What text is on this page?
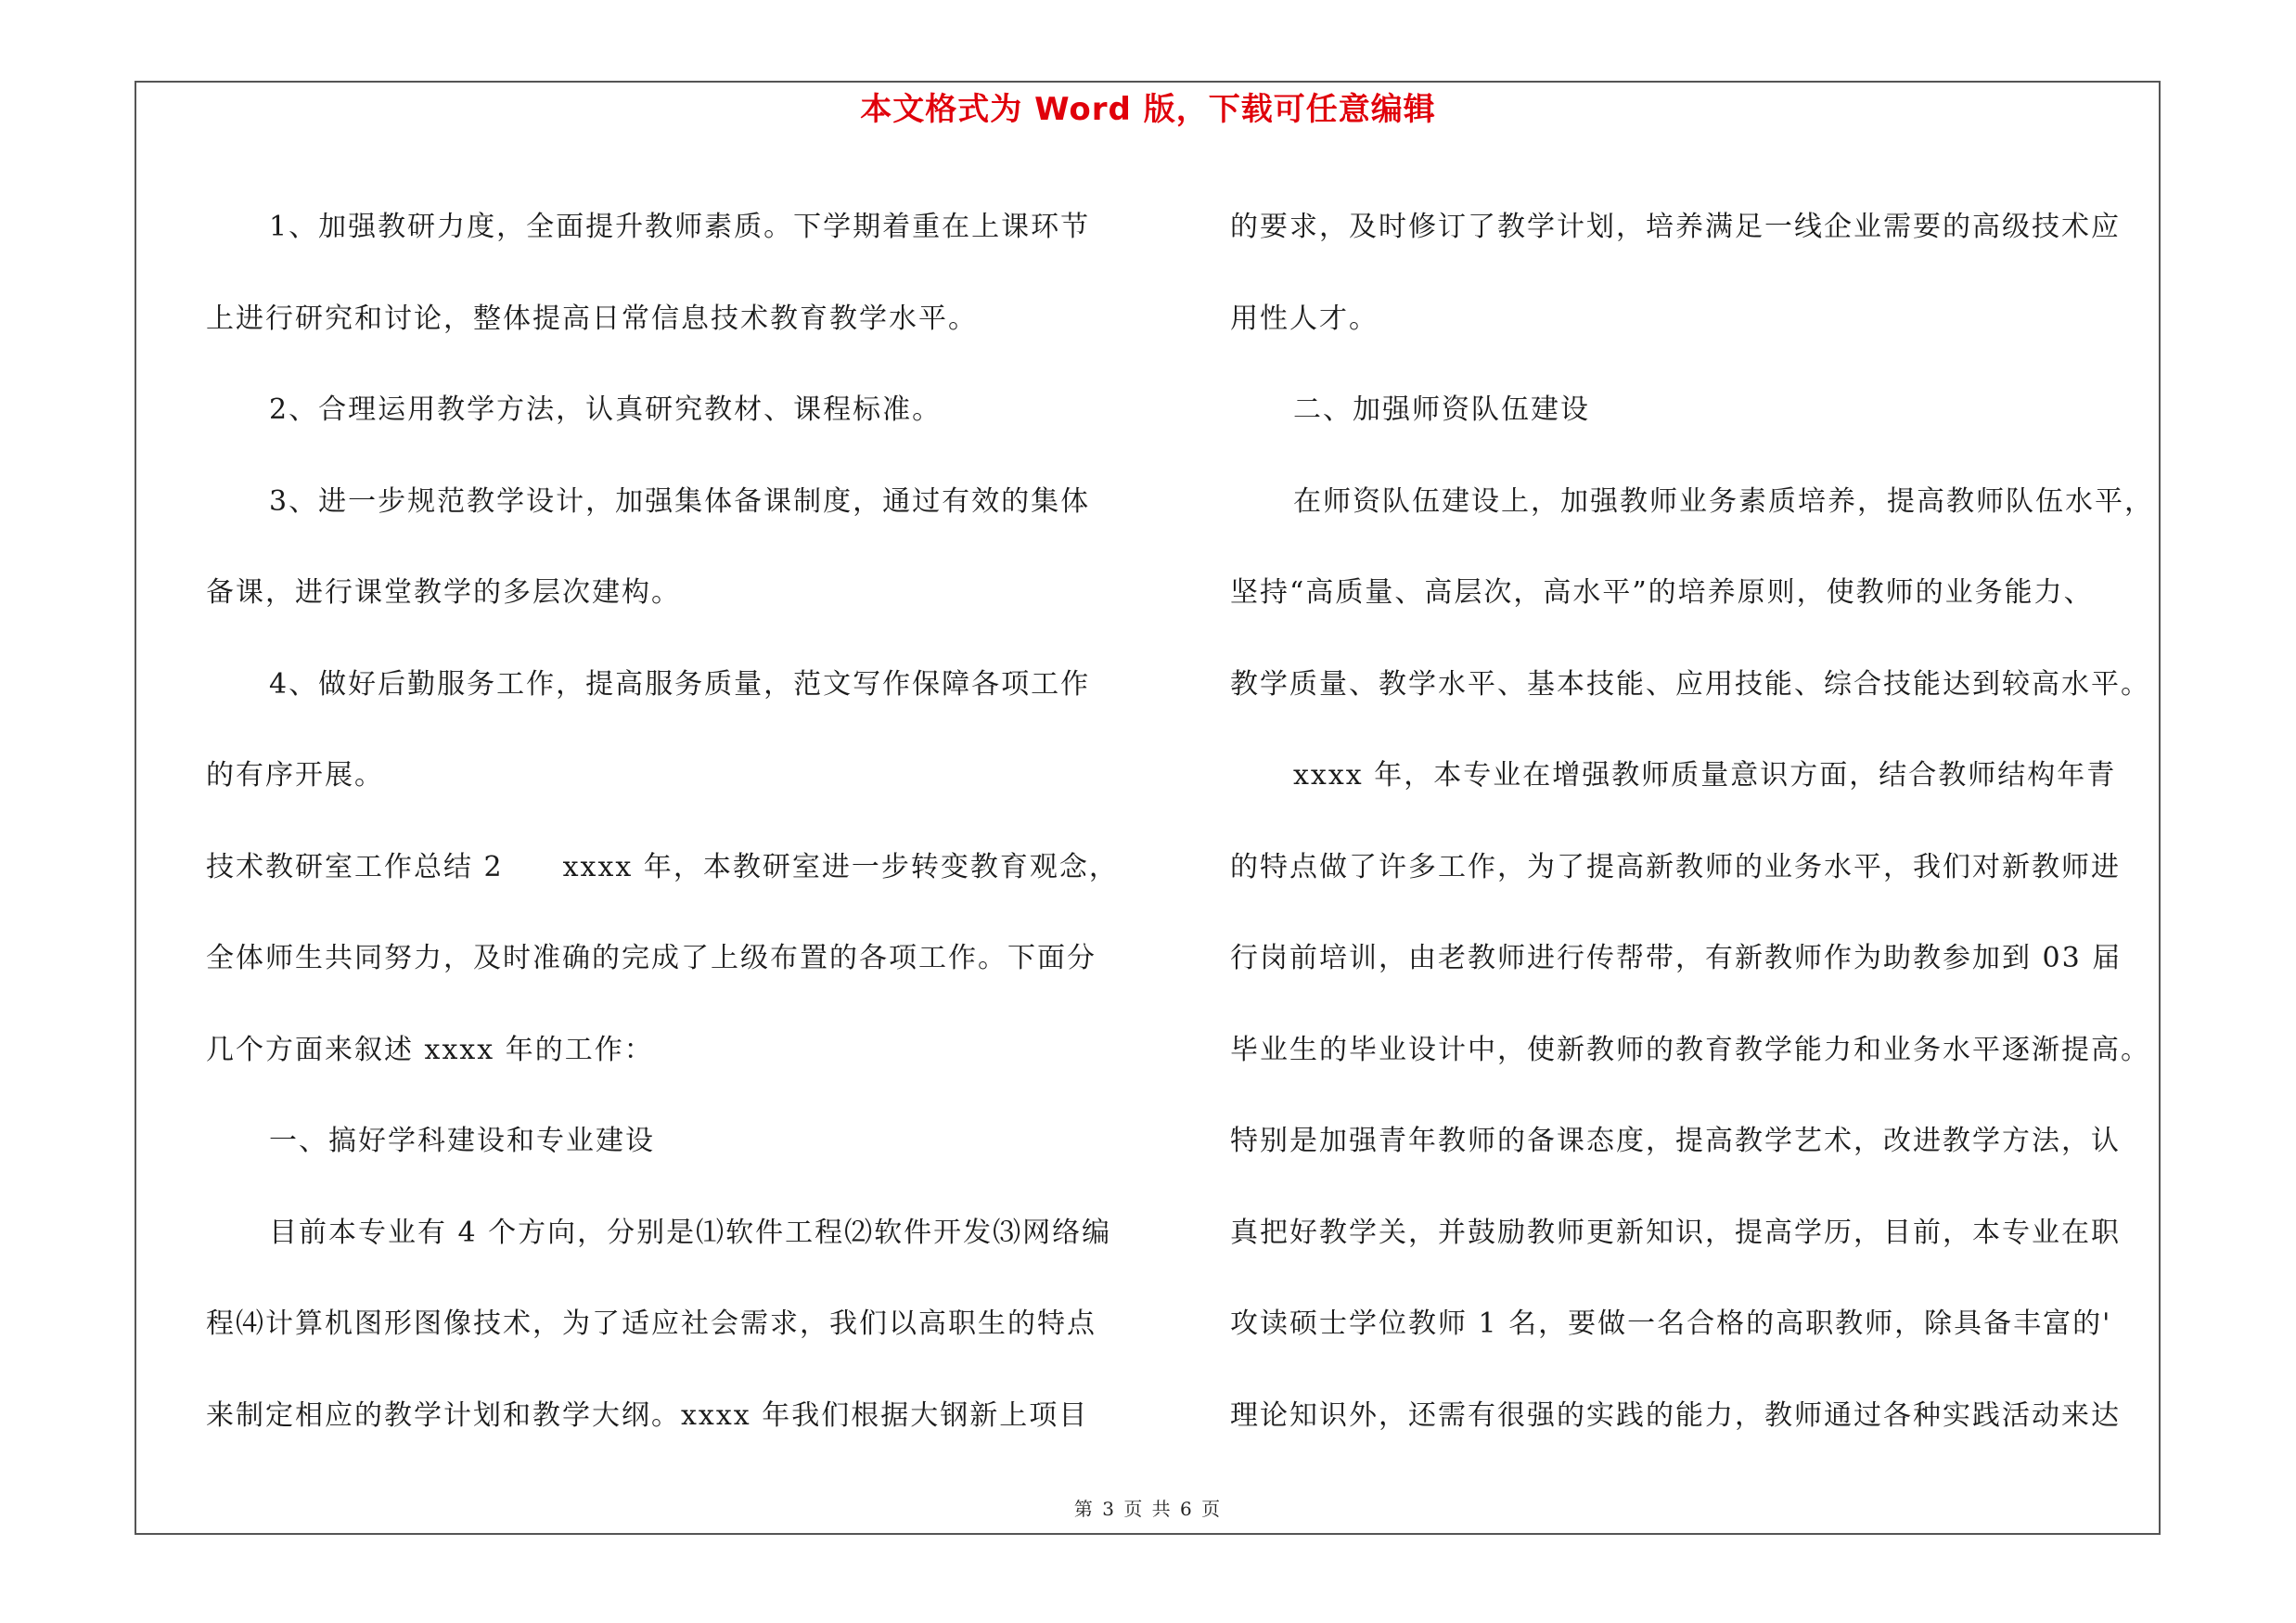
本文格式为 Word 版，下载可任意编辑
1、加强教研力度，全面提升教师素质。下学期着重在上课环节
上进行研究和讨论，整体提高日常信息技术教育教学水平。
2、合理运用教学方法，认真研究教材、课程标准。
3、进一步规范教学设计，加强集体备课制度，通过有效的集体
备课，进行课堂教学的多层次建构。
4、做好后勤服务工作，提高服务质量，范文写作保障各项工作
的有序开展。
技术教研室工作总结 2　　xxxx 年，本教研室进一步转变教育观念，
全体师生共同努力，及时准确的完成了上级布置的各项工作。下面分
几个方面来叙述 xxxx 年的工作：
一、搞好学科建设和专业建设
目前本专业有 4 个方向，分别是⑴软件工程⑵软件开发⑶网络编
程⑷计算机图形图像技术，为了适应社会需求，我们以高职生的特点
来制定相应的教学计划和教学大纲。xxxx 年我们根据大钢新上项目
的要求，及时修订了教学计划，培养满足一线企业需要的高级技术应
用性人才。
二、加强师资队伍建设
在师资队伍建设上，加强教师业务素质培养，提高教师队伍水平，
坚持“高质量、高层次，高水平”的培养原则，使教师的业务能力、
教学质量、教学水平、基本技能、应用技能、综合技能达到较高水平。
xxxx 年，本专业在增强教师质量意识方面，结合教师结构年青
的特点做了许多工作，为了提高新教师的业务水平，我们对新教师进
行岗前培训，由老教师进行传帮带，有新教师作为助教参加到 03 届
毕业生的毕业设计中，使新教师的教育教学能力和业务水平逐渐提高。
特别是加强青年教师的备课态度，提高教学艺术，改进教学方法，认
真把好教学关，并鼓励教师更新知识，提高学历，目前，本专业在职
攻读硕士学位教师 1 名，要做一名合格的高职教师，除具备丰富的'
理论知识外，还需有很强的实践的能力，教师通过各种实践活动来达
第 3 页 共 6 页
